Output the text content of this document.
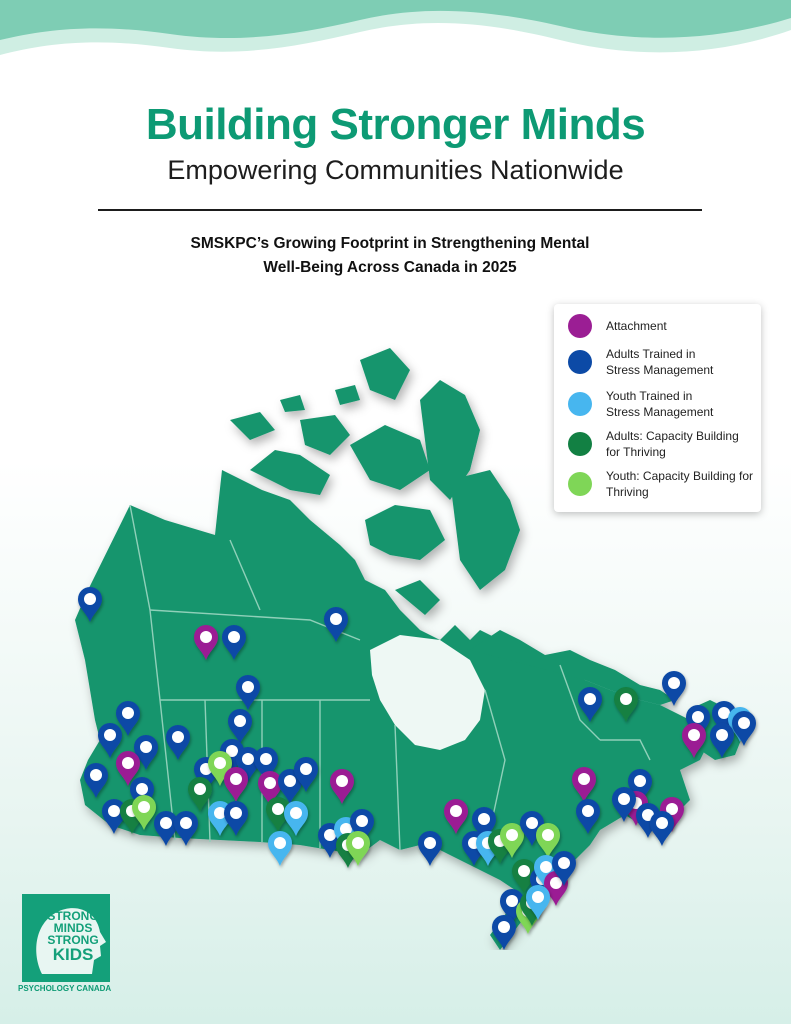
Building Stronger Minds
Empowering Communities Nationwide
SMSKPC’s Growing Footprint in Strengthening Mental
Well-Being Across Canada in 2025
Attachment
Adults Trained in Stress Management
Youth Trained in Stress Management
Adults: Capacity Building for Thriving
Youth: Capacity Building for Thriving
STRONG
MINDS
STRONG
KIDS
PSYCHOLOGY CANADA
